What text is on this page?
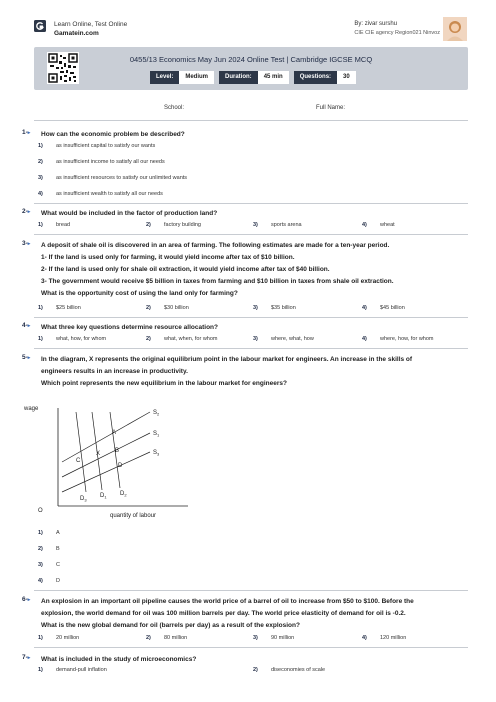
Learn Online, Test Online
Gamatein.com
By: zivar surshu
CIE CIE agency Region021 Ninvoz
0455/13 Economics May Jun 2024 Online Test | Cambridge IGCSE MCQ
Level:	Medium	Duration:	45 min	Questions:	30
School:	Full Name:
1-▸ How can the economic problem be described?
1) as insufficient capital to satisfy our wants
2) as insufficient income to satisfy all our needs
3) as insufficient resources to satisfy our unlimited wants
4) as insufficient wealth to satisfy all our needs
2-▸ What would be included in the factor of production land?
1) bread	2) factory building	3) sports arena	4) wheat
3-▸ A deposit of shale oil is discovered in an area of farming. The following estimates are made for a ten-year period.
1- If the land is used only for farming, it would yield income after tax of $10 billion.
2- If the land is used only for shale oil extraction, it would yield income after tax of $40 billion.
3- The government would receive $5 billion in taxes from farming and $10 billion in taxes from shale oil extraction.
What is the opportunity cost of using the land only for farming?
1) $25 billion	2) $30 billion	3) $35 billion	4) $45 billion
4-▸ What three key questions determine resource allocation?
1) what, how, for whom	2) what, when, for whom	3) where, what, how	4) where, how, for whom
5-▸ In the diagram, X represents the original equilibrium point in the labour market for engineers. An increase in the skills of
engineers results in an increase in productivity.
Which point represents the new equilibrium in the labour market for engineers?
wage
O
quantity of labour
$S_2$
$S_1$
$S_3$
$D_3$
$D_1$ $D_2$
A
B
C
D
X
1) A
2) B
3) C
4) D
6-▸ An explosion in an important oil pipeline causes the world price of a barrel of oil to increase from $50 to $100. Before the
explosion, the world demand for oil was 100 million barrels per day. The world price elasticity of demand for oil is -0.2.
What is the new global demand for oil (barrels per day) as a result of the explosion?
1) 20 million	2) 80 million	3) 90 million	4) 120 million
7-▸ What is included in the study of microeconomics?
1) demand-pull inflation	2) diseconomies of scale
